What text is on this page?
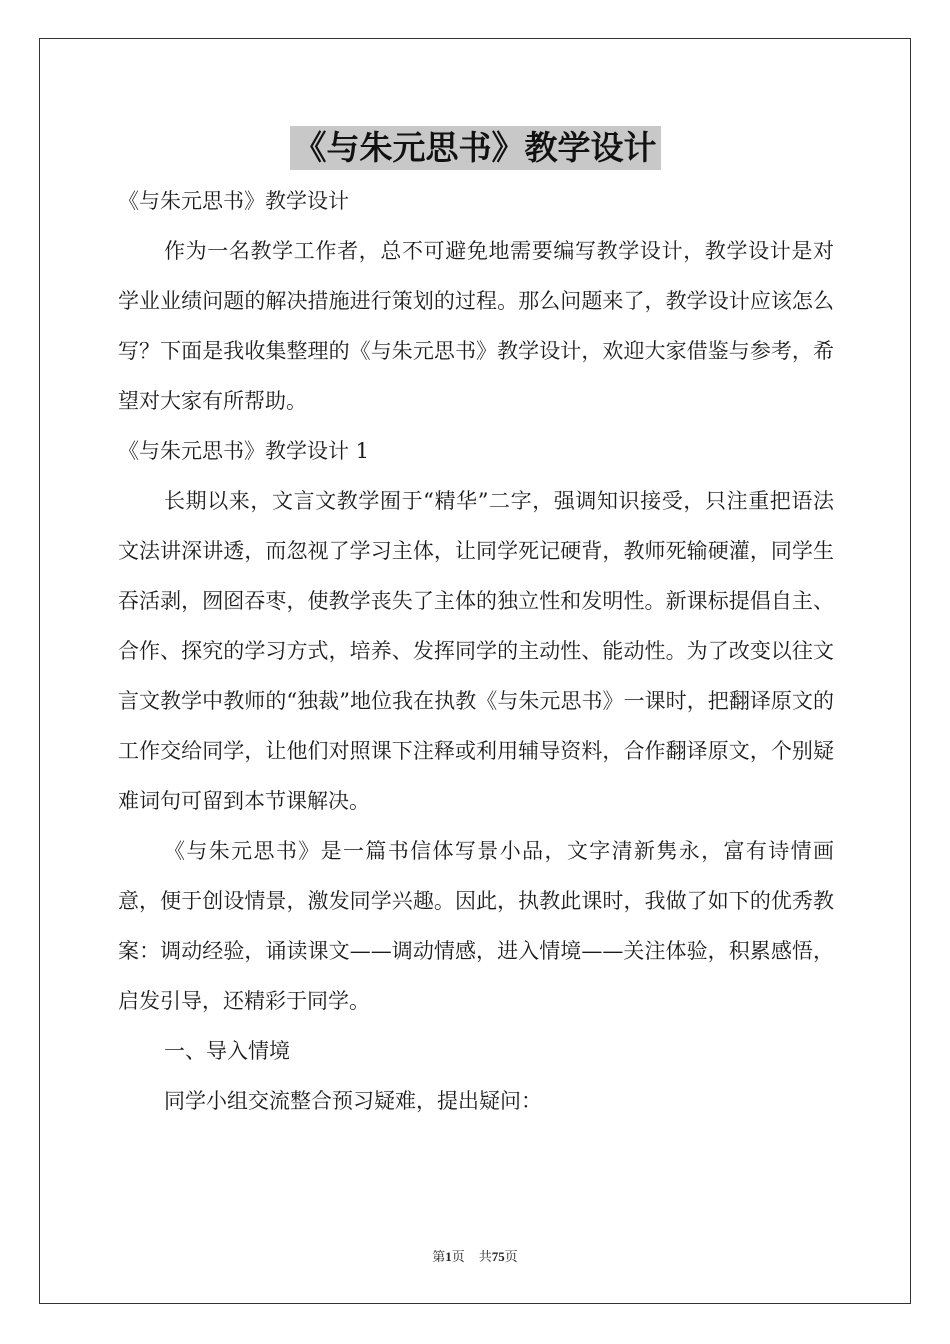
《与朱元思书》教学设计

《与朱元思书》教学设计

作为一名教学工作者，总不可避免地需要编写教学设计，教学设计是对学业业绩问题的解决措施进行策划的过程。那么问题来了，教学设计应该怎么写？下面是我收集整理的《与朱元思书》教学设计，欢迎大家借鉴与参考，希望对大家有所帮助。

《与朱元思书》教学设计 1

长期以来，文言文教学囿于“精华”二字，强调知识接受，只注重把语法文法讲深讲透，而忽视了学习主体，让同学死记硬背，教师死输硬灌，同学生吞活剥，囫囵吞枣，使教学丧失了主体的独立性和发明性。新课标提倡自主、合作、探究的学习方式，培养、发挥同学的主动性、能动性。为了改变以往文言文教学中教师的“独裁”地位我在执教《与朱元思书》一课时，把翻译原文的工作交给同学，让他们对照课下注释或利用辅导资料，合作翻译原文，个别疑难词句可留到本节课解决。

《与朱元思书》是一篇书信体写景小品，文字清新隽永，富有诗情画意，便于创设情景，激发同学兴趣。因此，执教此课时，我做了如下的优秀教案：调动经验，诵读课文——调动情感，进入情境——关注体验，积累感悟，启发引导，还精彩于同学。

一、导入情境

同学小组交流整合预习疑难，提出疑问：

第1页 共75页
